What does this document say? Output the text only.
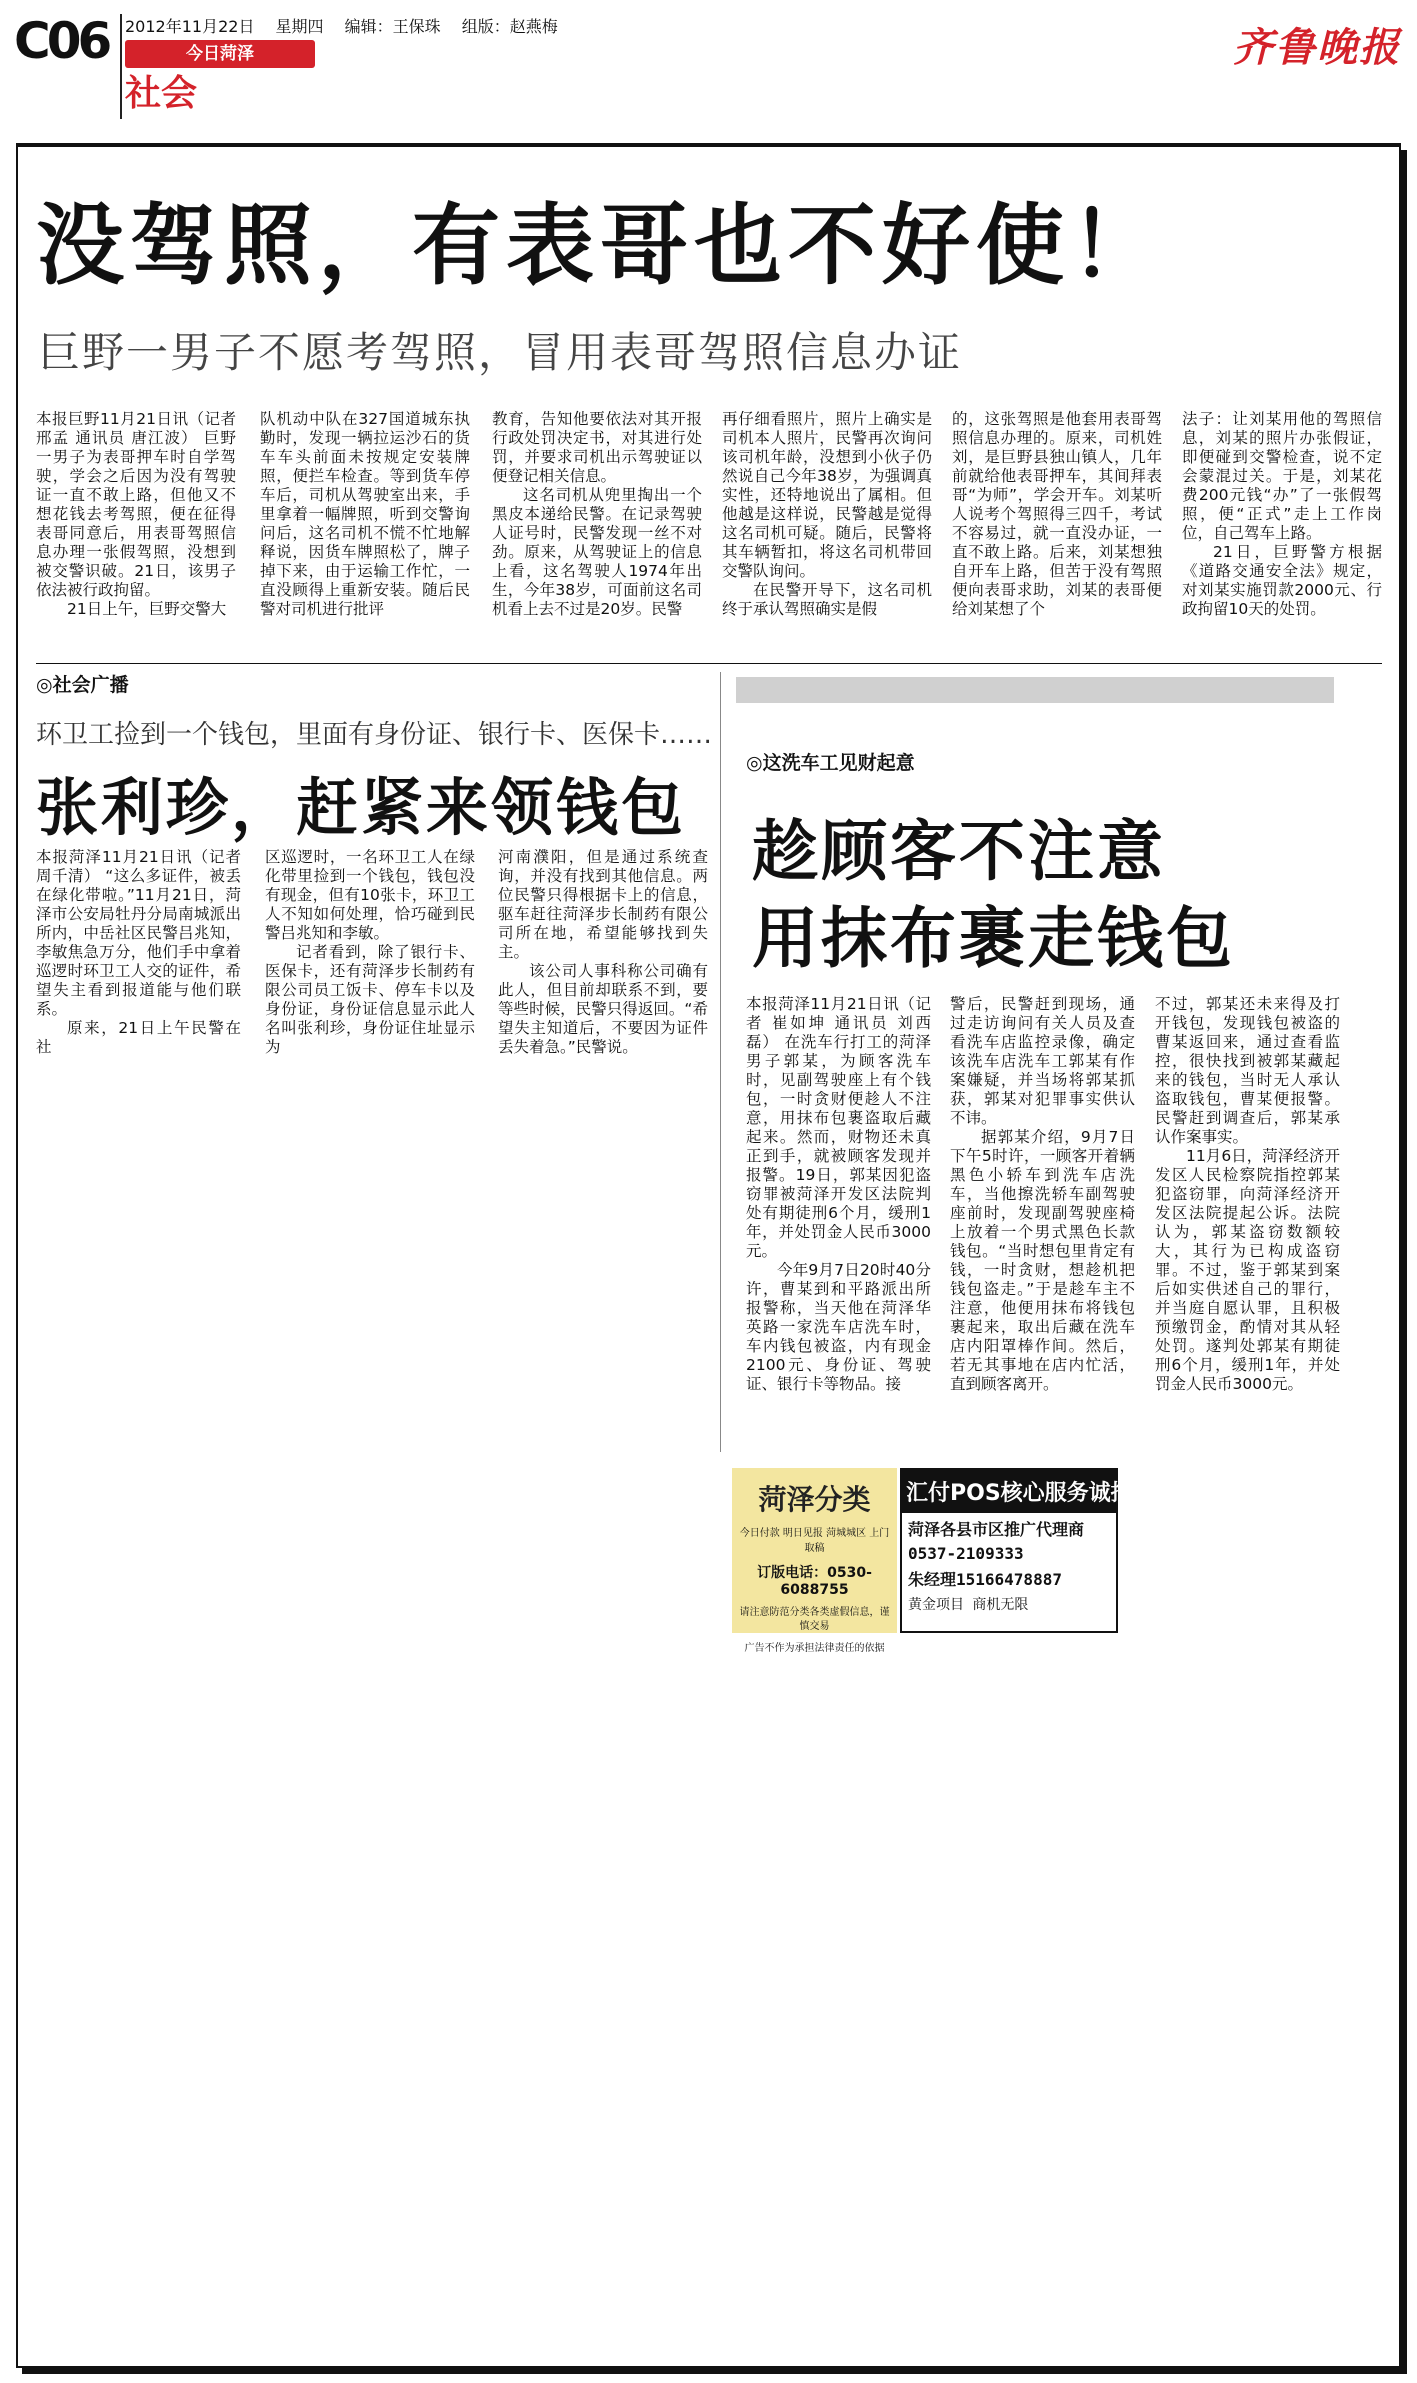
C06 2012年11月22日 星期四 编辑：王保珠 组版：赵燕梅
今日菏泽
社会
齐鲁晚报
没驾照，有表哥也不好使！
巨野一男子不愿考驾照，冒用表哥驾照信息办证

本报巨野11月21日讯（记者 邢孟 通讯员 唐江波） 巨野一男子为表哥押车时自学驾驶，学会之后因为没有驾驶证一直不敢上路，但他又不想花钱去考驾照，便在征得表哥同意后，用表哥驾照信息办理一张假驾照，没想到被交警识破。21日，该男子依法被行政拘留。

21日上午，巨野交警大

队机动中队在327国道城东执勤时，发现一辆拉运沙石的货车车头前面未按规定安装牌照，便拦车检查。等到货车停车后，司机从驾驶室出来，手里拿着一幅牌照，听到交警询问后，这名司机不慌不忙地解释说，因货车牌照松了，牌子掉下来，由于运输工作忙，一直没顾得上重新安装。随后民警对司机进行批评

教育，告知他要依法对其开报行政处罚决定书，对其进行处罚，并要求司机出示驾驶证以便登记相关信息。

这名司机从兜里掏出一个黑皮本递给民警。在记录驾驶人证号时，民警发现一丝不对劲。原来，从驾驶证上的信息上看，这名驾驶人1974年出生，今年38岁，可面前这名司机看上去不过是20岁。民警

再仔细看照片，照片上确实是司机本人照片，民警再次询问该司机年龄，没想到小伙子仍然说自己今年38岁，为强调真实性，还特地说出了属相。但他越是这样说，民警越是觉得这名司机可疑。随后，民警将其车辆暂扣，将这名司机带回交警队询问。

在民警开导下，这名司机终于承认驾照确实是假

的，这张驾照是他套用表哥驾照信息办理的。原来，司机姓刘，是巨野县独山镇人，几年前就给他表哥押车，其间拜表哥“为师”，学会开车。刘某听人说考个驾照得三四千，考试不容易过，就一直没办证，一直不敢上路。后来，刘某想独自开车上路，但苦于没有驾照便向表哥求助，刘某的表哥便给刘某想了个

法子：让刘某用他的驾照信息，刘某的照片办张假证，即便碰到交警检查，说不定会蒙混过关。于是，刘某花费200元钱“办”了一张假驾照，便“正式”走上工作岗位，自己驾车上路。

21日，巨野警方根据《道路交通安全法》规定，对刘某实施罚款2000元、行政拘留10天的处罚。

◎社会广播
环卫工捡到一个钱包，里面有身份证、银行卡、医保卡……
张利珍，赶紧来领钱包

本报菏泽11月21日讯（记者 周千清） “这么多证件，被丢在绿化带啦。”11月21日，菏泽市公安局牡丹分局南城派出所内，中岳社区民警吕兆知，李敏焦急万分，他们手中拿着巡逻时环卫工人交的证件，希望失主看到报道能与他们联系。

原来，21日上午民警在社

区巡逻时，一名环卫工人在绿化带里捡到一个钱包，钱包没有现金，但有10张卡，环卫工人不知如何处理，恰巧碰到民警吕兆知和李敏。

记者看到，除了银行卡、医保卡，还有菏泽步长制药有限公司员工饭卡、停车卡以及身份证，身份证信息显示此人名叫张利珍，身份证住址显示为

河南濮阳，但是通过系统查询，并没有找到其他信息。两位民警只得根据卡上的信息，驱车赶往菏泽步长制药有限公司所在地，希望能够找到失主。

该公司人事科称公司确有此人，但目前却联系不到，要等些时候，民警只得返回。“希望失主知道后，不要因为证件丢失着急。”民警说。

◎这洗车工见财起意
趁顾客不注意
用抹布裹走钱包

本报菏泽11月21日讯（记者 崔如坤 通讯员 刘西磊） 在洗车行打工的菏泽男子郭某，为顾客洗车时，见副驾驶座上有个钱包，一时贪财便趁人不注意，用抹布包裹盗取后藏起来。然而，财物还未真正到手，就被顾客发现并报警。19日，郭某因犯盗窃罪被菏泽开发区法院判处有期徒刑6个月，缓刑1年，并处罚金人民币3000元。

今年9月7日20时40分许，曹某到和平路派出所报警称，当天他在菏泽华英路一家洗车店洗车时，车内钱包被盗，内有现金2100元、身份证、驾驶证、银行卡等物品。接

警后，民警赶到现场，通过走访询问有关人员及查看洗车店监控录像，确定该洗车店洗车工郭某有作案嫌疑，并当场将郭某抓获，郭某对犯罪事实供认不讳。

据郭某介绍，9月7日下午5时许，一顾客开着辆黑色小轿车到洗车店洗车，当他擦洗轿车副驾驶座前时，发现副驾驶座椅上放着一个男式黑色长款钱包。“当时想包里肯定有钱，一时贪财，想趁机把钱包盗走。”于是趁车主不注意，他便用抹布将钱包裹起来，取出后藏在洗车店内阳罩棒作间。然后，若无其事地在店内忙活，直到顾客离开。

不过，郭某还未来得及打开钱包，发现钱包被盗的曹某返回来，通过查看监控，很快找到被郭某藏起来的钱包，当时无人承认盗取钱包，曹某便报警。民警赶到调查后，郭某承认作案事实。

11月6日，菏泽经济开发区人民检察院指控郭某犯盗窃罪，向菏泽经济开发区法院提起公诉。法院认为，郭某盗窃数额较大，其行为已构成盗窃罪。不过，鉴于郭某到案后如实供述自己的罪行，并当庭自愿认罪，且积极预缴罚金，酌情对其从轻处罚。遂判处郭某有期徒刑6个月，缓刑1年，并处罚金人民币3000元。

菏泽分类
今日付款 明日见报 菏城城区 上门取稿
订版电话：0530-6088755
请注意防范分类各类虚假信息，谨慎交易
广告不作为承担法律责任的依据
汇付POS核心服务诚招
菏泽各县市区推广代理商
0537-2109333
朱经理15166478887
黄金项目 商机无限
